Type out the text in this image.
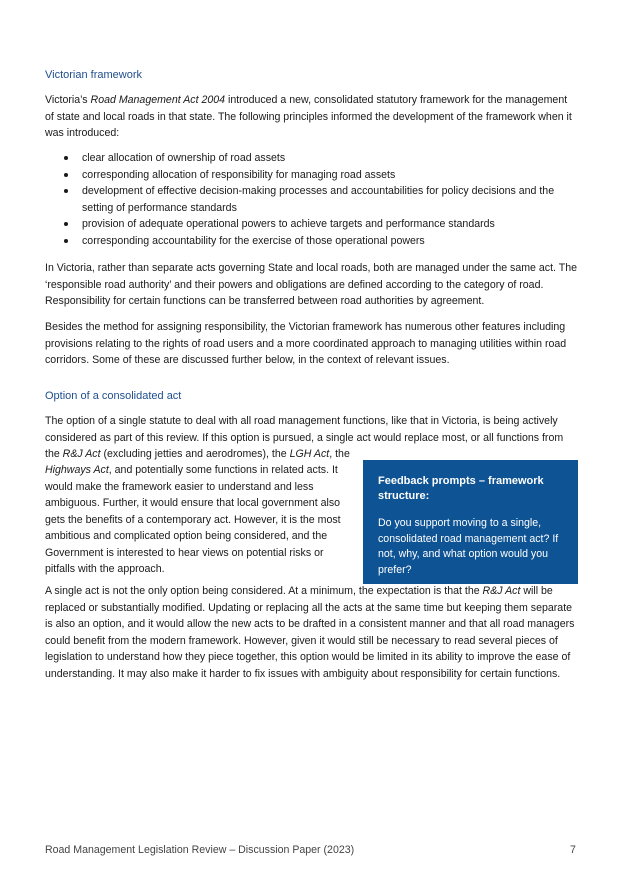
Victorian framework

Victoria’s Road Management Act 2004 introduced a new, consolidated statutory framework for the management of state and local roads in that state. The following principles informed the development of the framework when it was introduced:

clear allocation of ownership of road assets
corresponding allocation of responsibility for managing road assets
development of effective decision-making processes and accountabilities for policy decisions and the setting of performance standards
provision of adequate operational powers to achieve targets and performance standards
corresponding accountability for the exercise of those operational powers

In Victoria, rather than separate acts governing State and local roads, both are managed under the same act. The ‘responsible road authority’ and their powers and obligations are defined according to the category of road. Responsibility for certain functions can be transferred between road authorities by agreement.

Besides the method for assigning responsibility, the Victorian framework has numerous other features including provisions relating to the rights of road users and a more coordinated approach to managing utilities within road corridors. Some of these are discussed further below, in the context of relevant issues.

Option of a consolidated act

The option of a single statute to deal with all road management functions, like that in Victoria, is being actively considered as part of this review. If this option is pursued, a single act would replace most, or all functions from the R&J Act (excluding jetties and aerodromes), the LGH Act, the

Highways Act, and potentially some functions in related acts. It would make the framework easier to understand and less ambiguous. Further, it would ensure that local government also gets the benefits of a contemporary act. However, it is the most ambitious and complicated option being considered, and the Government is interested to hear views on potential risks or pitfalls with the approach.

Feedback prompts – framework structure:

Do you support moving to a single, consolidated road management act? If not, why, and what option would you prefer?

A single act is not the only option being considered. At a minimum, the expectation is that the R&J Act will be replaced or substantially modified. Updating or replacing all the acts at the same time but keeping them separate is also an option, and it would allow the new acts to be drafted in a consistent manner and that all road managers could benefit from the modern framework. However, given it would still be necessary to read several pieces of legislation to understand how they piece together, this option would be limited in its ability to improve the ease of understanding. It may also make it harder to fix issues with ambiguity about responsibility for certain functions.

Road Management Legislation Review – Discussion Paper (2023)	7
